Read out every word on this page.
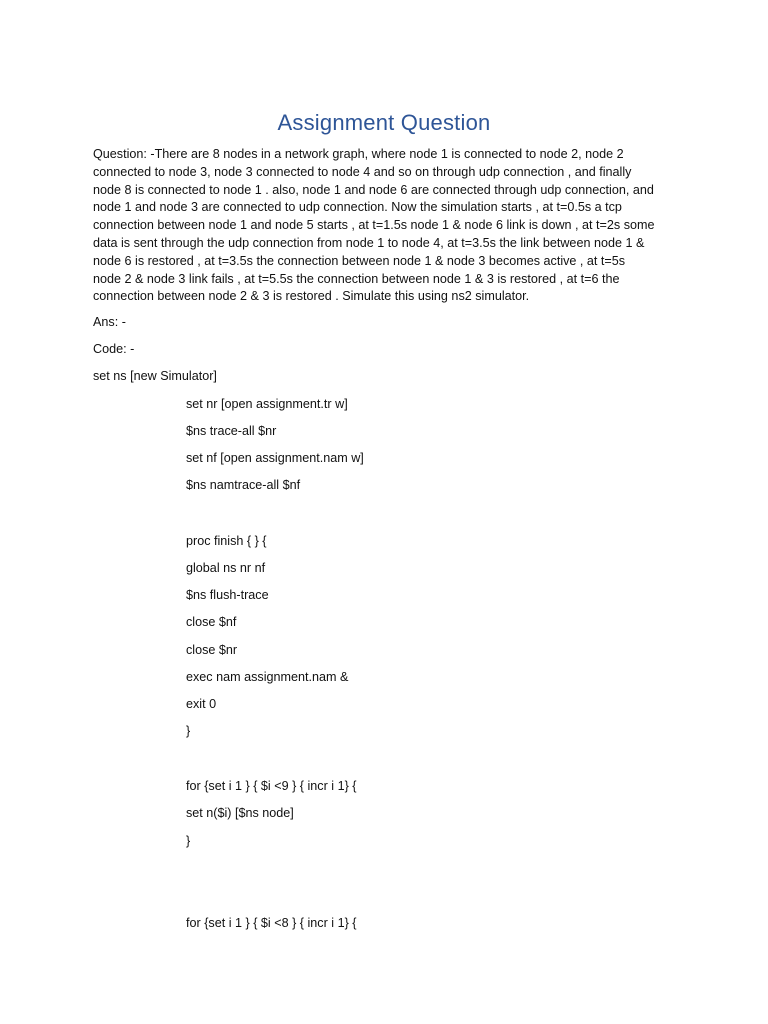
Assignment Question
Question: -There are 8 nodes in a network graph, where node 1 is connected to node 2, node 2
connected to node 3, node 3 connected to node 4 and so on through udp connection , and finally
node 8 is connected to node 1 . also, node 1 and node 6 are connected through udp connection, and
node 1 and node 3 are connected to udp connection. Now the simulation starts , at t=0.5s a tcp
connection between node 1 and node 5 starts , at t=1.5s node 1 & node 6 link is down , at t=2s some
data is sent through the udp connection from node 1 to node 4, at t=3.5s the link between node 1 &
node 6 is restored , at t=3.5s the connection between node 1 & node 3 becomes active , at t=5s
node 2 & node 3 link fails , at t=5.5s the connection between node 1 & 3 is restored , at t=6 the
connection between node 2 & 3 is restored . Simulate this using ns2 simulator.

Ans: -

Code: -

set ns [new Simulator]

set nr [open assignment.tr w]

$ns trace-all $nr

set nf [open assignment.nam w]

$ns namtrace-all $nf

proc finish { } {

global ns nr nf

$ns flush-trace

close $nf

close $nr

exec nam assignment.nam &

exit 0

}

for {set i 1 } { $i <9 } { incr i 1} {

set n($i) [$ns node]

}

for {set i 1 } { $i <8 } { incr i 1} {
